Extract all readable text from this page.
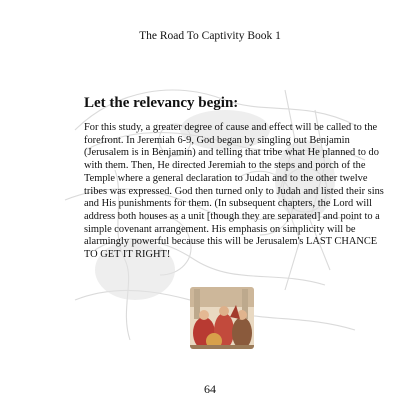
The Road To Captivity Book 1
Let the relevancy begin:
For this study, a greater degree of cause and effect will be called to the
forefront. In Jeremiah 6-9, God began by singling out Benjamin
(Jerusalem is in Benjamin) and telling that tribe what He planned to do
with them. Then, He directed Jeremiah to the steps and porch of the
Temple where a general declaration to Judah and to the other twelve
tribes was expressed. God then turned only to Judah and listed their sins
and His punishments for them. (In subsequent chapters, the Lord will
address both houses as a unit [though they are separated] and point to a
simple covenant arrangement. His emphasis on simplicity will be
alarmingly powerful because this will be Jerusalem's LAST CHANCE
TO GET IT RIGHT!
64
